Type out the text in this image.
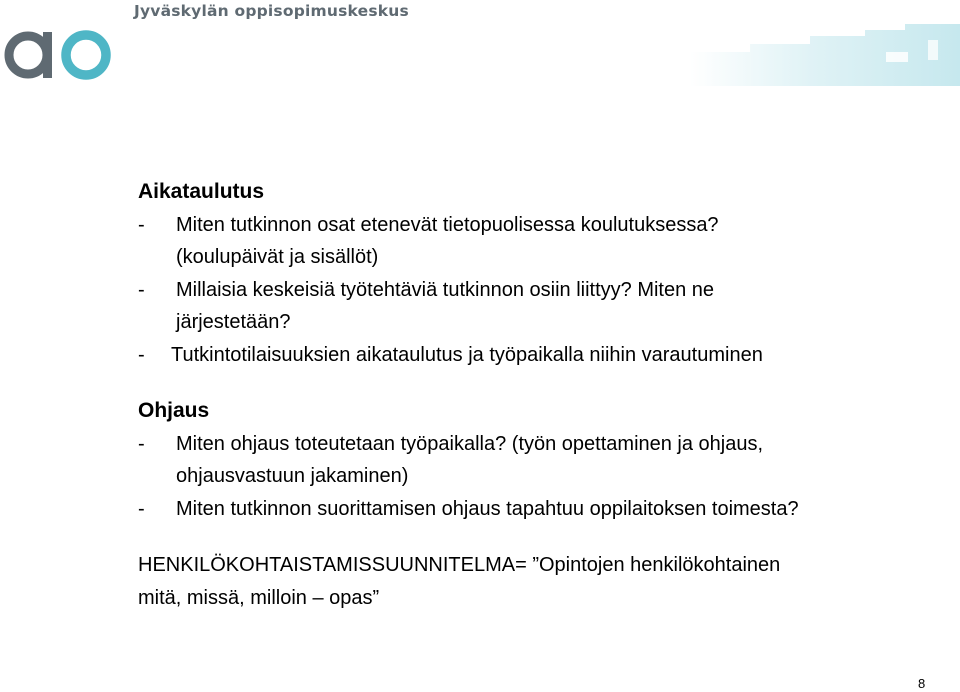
Jyväskylän oppisopimuskeskus
Aikataulutus
- Miten tutkinnon osat etenevät tietopuolisessa koulutuksessa?
(koulupäivät ja sisällöt)
- Millaisia keskeisiä työtehtäviä tutkinnon osiin liittyy? Miten ne
järjestetään?
- Tutkintotilaisuuksien aikataulutus ja työpaikalla niihin varautuminen
Ohjaus
- Miten ohjaus toteutetaan työpaikalla? (työn opettaminen ja ohjaus,
ohjausvastuun jakaminen)
- Miten tutkinnon suorittamisen ohjaus tapahtuu oppilaitoksen toimesta?
HENKILÖKOHTAISTAMISSUUNNITELMA= ”Opintojen henkilökohtainen
mitä, missä, milloin – opas”
8
